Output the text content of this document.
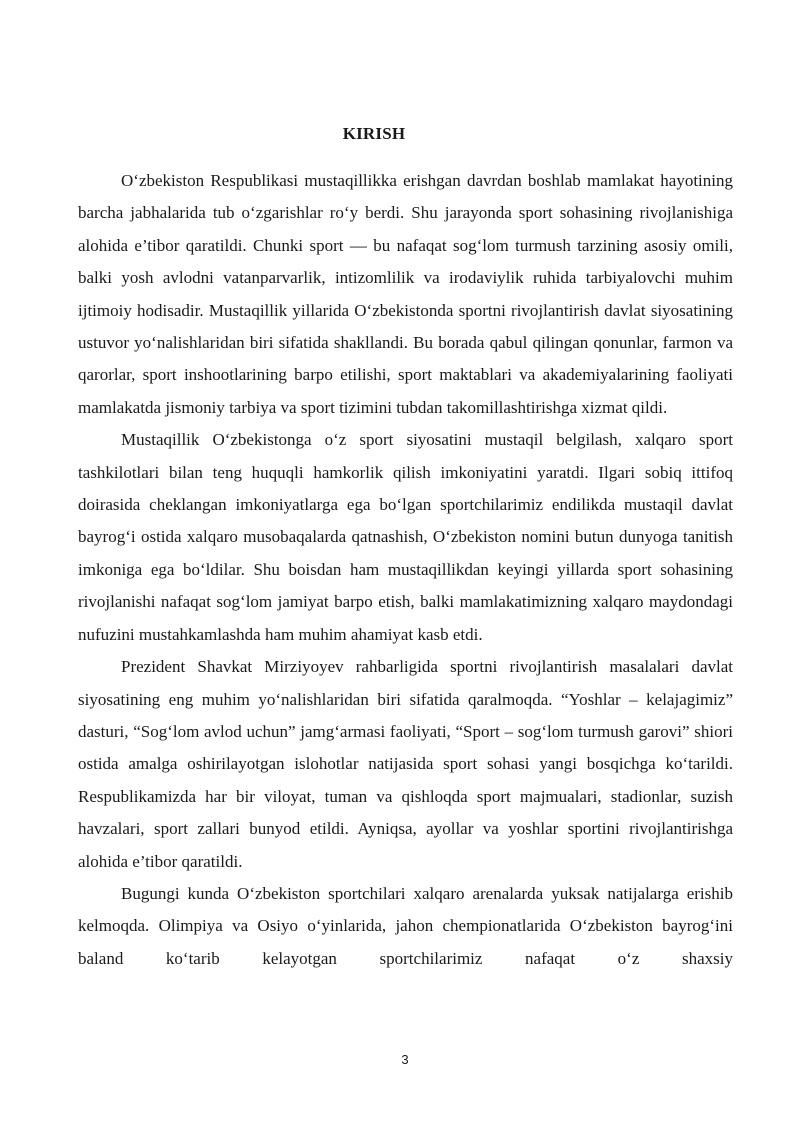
KIRISH

O‘zbekiston Respublikasi mustaqillikka erishgan davrdan boshlab mamlakat hayotining barcha jabhalarida tub o‘zgarishlar ro‘y berdi. Shu jarayonda sport sohasining rivojlanishiga alohida e’tibor qaratildi. Chunki sport — bu nafaqat sog‘lom turmush tarzining asosiy omili, balki yosh avlodni vatanparvarlik, intizomlilik va irodaviylik ruhida tarbiyalovchi muhim ijtimoiy hodisadir. Mustaqillik yillarida O‘zbekistonda sportni rivojlantirish davlat siyosatining ustuvor yo‘nalishlaridan biri sifatida shakllandi. Bu borada qabul qilingan qonunlar, farmon va qarorlar, sport inshootlarining barpo etilishi, sport maktablari va akademiyalarining faoliyati mamlakatda jismoniy tarbiya va sport tizimini tubdan takomillashtirishga xizmat qildi.

Mustaqillik O‘zbekistonga o‘z sport siyosatini mustaqil belgilash, xalqaro sport tashkilotlari bilan teng huquqli hamkorlik qilish imkoniyatini yaratdi. Ilgari sobiq ittifoq doirasida cheklangan imkoniyatlarga ega bo‘lgan sportchilarimiz endilikda mustaqil davlat bayrog‘i ostida xalqaro musobaqalarda qatnashish, O‘zbekiston nomini butun dunyoga tanitish imkoniga ega bo‘ldilar. Shu boisdan ham mustaqillikdan keyingi yillarda sport sohasining rivojlanishi nafaqat sog‘lom jamiyat barpo etish, balki mamlakatimizning xalqaro maydondagi nufuzini mustahkamlashda ham muhim ahamiyat kasb etdi.

Prezident Shavkat Mirziyoyev rahbarligida sportni rivojlantirish masalalari davlat siyosatining eng muhim yo‘nalishlaridan biri sifatida qaralmoqda. “Yoshlar – kelajagimiz” dasturi, “Sog‘lom avlod uchun” jamg‘armasi faoliyati, “Sport – sog‘lom turmush garovi” shiori ostida amalga oshirilayotgan islohotlar natijasida sport sohasi yangi bosqichga ko‘tarildi. Respublikamizda har bir viloyat, tuman va qishloqda sport majmualari, stadionlar, suzish havzalari, sport zallari bunyod etildi. Ayniqsa, ayollar va yoshlar sportini rivojlantirishga alohida e’tibor qaratildi.

Bugungi kunda O‘zbekiston sportchilari xalqaro arenalarda yuksak natijalarga erishib kelmoqda. Olimpiya va Osiyo o‘yinlarida, jahon chempionatlarida O‘zbekiston bayrog‘ini baland ko‘tarib kelayotgan sportchilarimiz nafaqat o‘z shaxsiy

3
